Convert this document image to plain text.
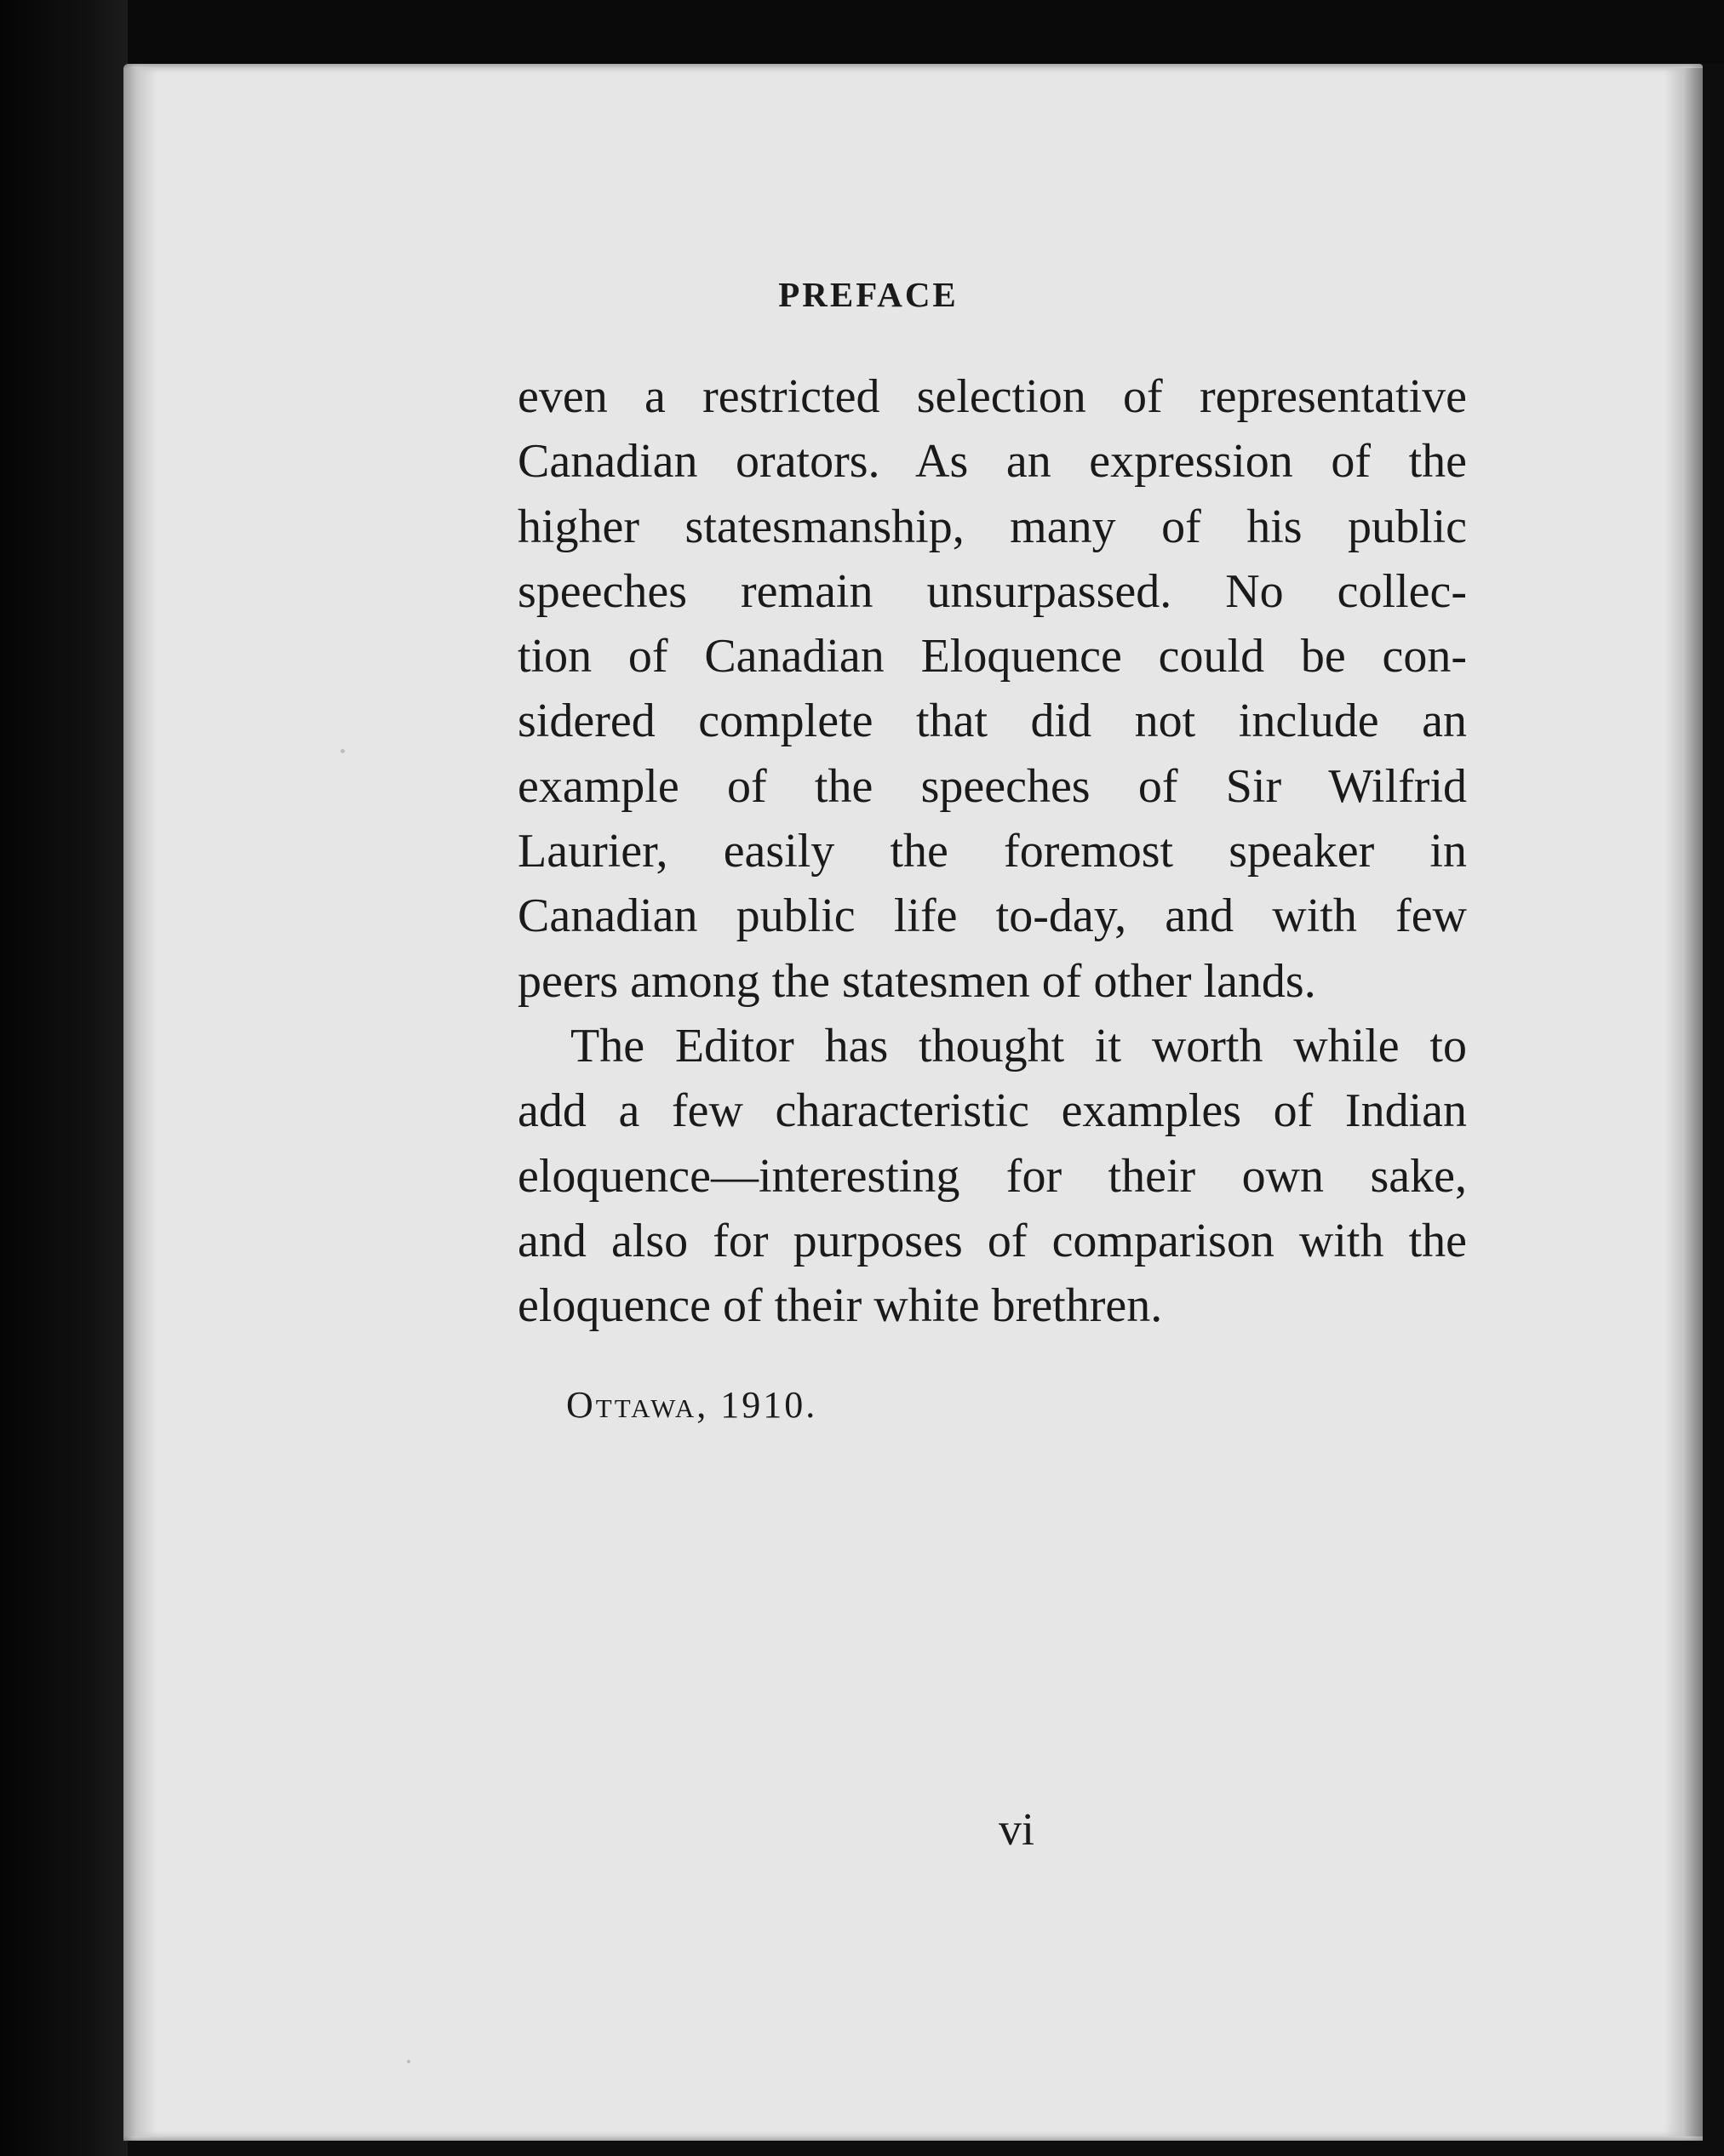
PREFACE
even a restricted selection of representative
Canadian orators. As an expression of the
higher statesmanship, many of his public
speeches remain unsurpassed. No collec-
tion of Canadian Eloquence could be con-
sidered complete that did not include an
example of the speeches of Sir Wilfrid
Laurier, easily the foremost speaker in
Canadian public life to-day, and with few
peers among the statesmen of other lands.
The Editor has thought it worth while to
add a few characteristic examples of Indian
eloquence—interesting for their own sake,
and also for purposes of comparison with the
eloquence of their white brethren.
Ottawa, 1910.
vi
